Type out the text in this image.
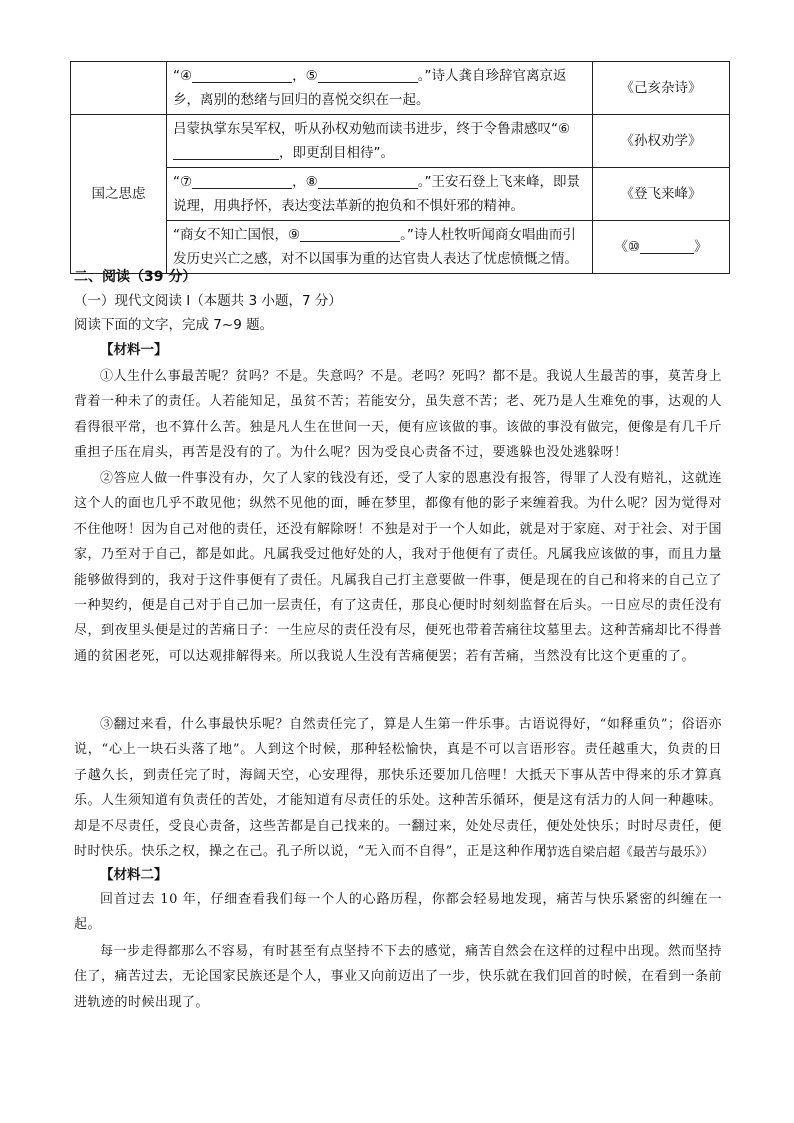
	“④ ，⑤ 。”诗人龚自珍辞官离京返乡，离别的愁绪与回归的喜悦交织在一起。	《己亥杂诗》
国之思虑	吕蒙执掌东吴军权，听从孙权劝勉而读书进步，终于令鲁肃感叹“⑥，即更刮目相待”。	《孙权劝学》
	“⑦ ，⑧ 。”王安石登上飞来峰，即景说理，用典抒怀，表达变法革新的抱负和不惧奸邪的精神。	《登飞来峰》
	“商女不知亡国恨，⑨ 。”诗人杜牧听闻商女唱曲而引发历史兴亡之感，对不以国事为重的达官贵人表达了忧虑愤慨之情。	《⑩ 》
二、阅读（39 分）
（一）现代文阅读 I（本题共 3 小题，7 分）
阅读下面的文字，完成 7~9 题。
【材料一】
①人生什么事最苦呢？贫吗？不是。失意吗？不是。老吗？死吗？都不是。我说人生最苦的事，莫苦身上背着一种未了的责任。人若能知足，虽贫不苦；若能安分，虽失意不苦；老、死乃是人生难免的事，达观的人看得很平常，也不算什么苦。独是凡人生在世间一天，便有应该做的事。该做的事没有做完，便像是有几千斤重担子压在肩头，再苦是没有的了。为什么呢？因为受良心责备不过，要逃躲也没处逃躲呀！
②答应人做一件事没有办，欠了人家的钱没有还，受了人家的恩惠没有报答，得罪了人没有赔礼，这就连这个人的面也几乎不敢见他；纵然不见他的面，睡在梦里，都像有他的影子来缠着我。为什么呢？因为觉得对不住他呀！因为自己对他的责任，还没有解除呀！不独是对于一个人如此，就是对于家庭、对于社会、对于国家，乃至对于自己，都是如此。凡属我受过他好处的人，我对于他便有了责任。凡属我应该做的事，而且力量能够做得到的，我对于这件事便有了责任。凡属我自己打主意要做一件事，便是现在的自己和将来的自己立了一种契约，便是自己对于自己加一层责任，有了这责任，那良心便时时刻刻监督在后头。一日应尽的责任没有尽，到夜里头便是过的苦痛日子：一生应尽的责任没有尽，便死也带着苦痛往坟墓里去。这种苦痛却比不得普通的贫困老死，可以达观排解得来。所以我说人生没有苦痛便罢；若有苦痛，当然没有比这个更重的了。
③翻过来看，什么事最快乐呢？自然责任完了，算是人生第一件乐事。古语说得好，“如释重负”；俗语亦说，“心上一块石头落了地”。人到这个时候，那种轻松愉快，真是不可以言语形容。责任越重大，负责的日子越久长，到责任完了时，海阔天空，心安理得，那快乐还要加几倍哩！大抵天下事从苦中得来的乐才算真乐。人生须知道有负责任的苦处，才能知道有尽责任的乐处。这种苦乐循环，便是这有活力的人间一种趣味。却是不尽责任，受良心责备，这些苦都是自己找来的。一翻过来，处处尽责任，便处处快乐；时时尽责任，便时时快乐。快乐之权，操之在己。孔子所以说，“无入而不自得”，正是这种作用。
（节选自梁启超《最苦与最乐》）
【材料二】
回首过去 10 年，仔细查看我们每一个人的心路历程，你都会轻易地发现，痛苦与快乐紧密的纠缠在一起。
每一步走得都那么不容易，有时甚至有点坚持不下去的感觉，痛苦自然会在这样的过程中出现。然而坚持住了，痛苦过去，无论国家民族还是个人，事业又向前迈出了一步，快乐就在我们回首的时候，在看到一条前进轨迹的时候出现了。
